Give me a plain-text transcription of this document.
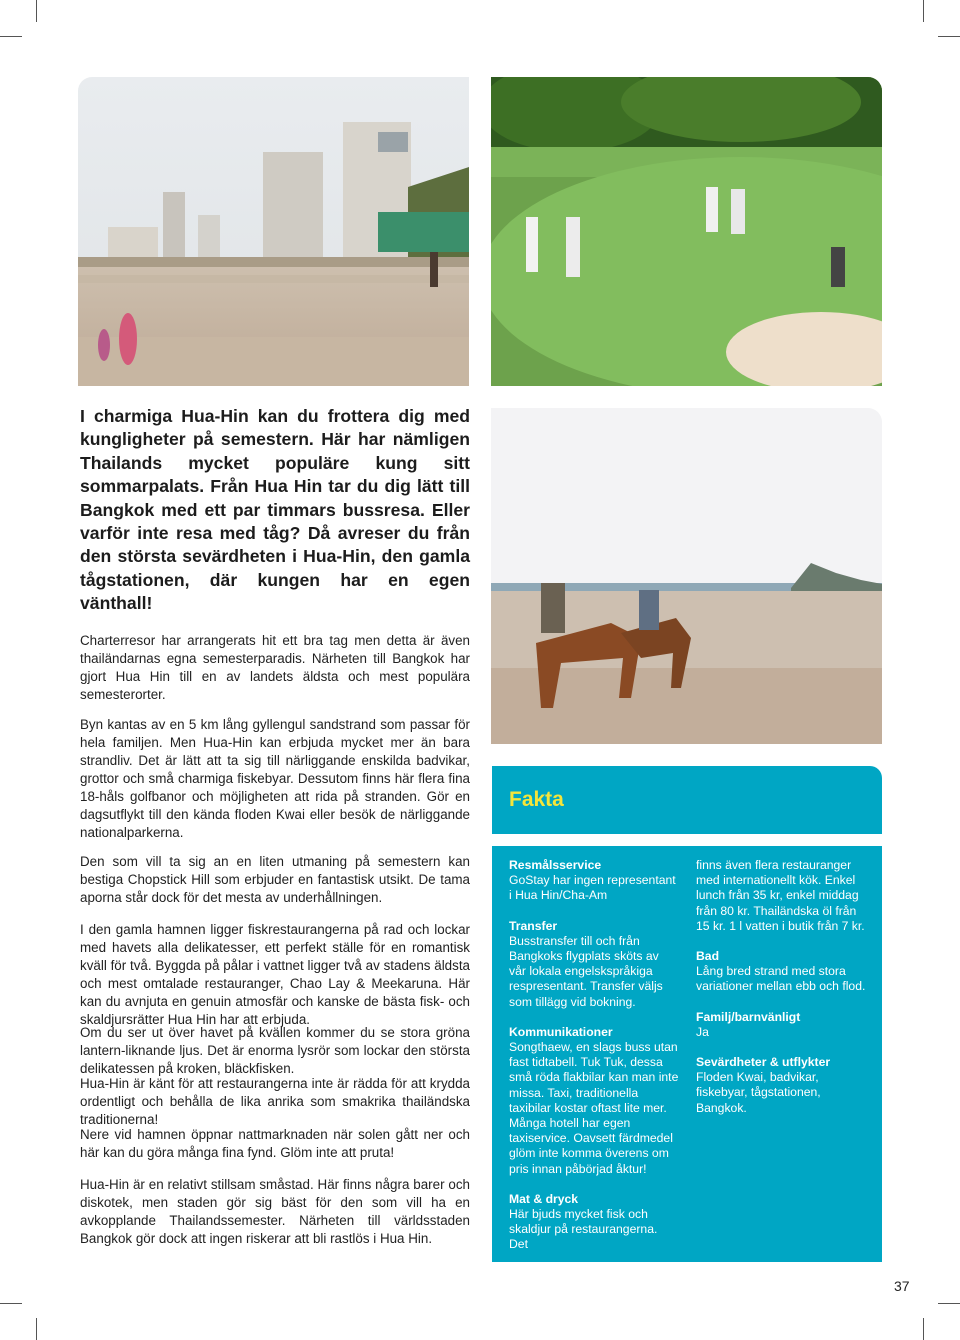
I charmiga Hua-Hin kan du frottera dig med kungligheter på semestern. Här har nämligen Thailands mycket populäre kung sitt sommarpalats. Från Hua Hin tar du dig lätt till Bangkok med ett par timmars bussresa. Eller varför inte resa med tåg? Då avreser du från den största sevärdheten i Hua-Hin, den gamla tågstationen, där kungen har en egen vänthall!

Charterresor har arrangerats hit ett bra tag men detta är även thailändarnas egna semesterparadis. Närheten till Bangkok har gjort Hua Hin till en av landets äldsta och mest populära semesterorter.

Byn kantas av en 5 km lång gyllengul sandstrand som passar för hela familjen. Men Hua-Hin kan erbjuda mycket mer än bara strandliv. Det är lätt att ta sig till närliggande enskilda badvikar, grottor och små charmiga fiskebyar. Dessutom finns här flera fina 18-håls golfbanor och möjligheten att rida på stranden. Gör en dagsutflykt till den kända floden Kwai eller besök de närliggande nationalparkerna.

Den som vill ta sig an en liten utmaning på semestern kan bestiga Chopstick Hill som erbjuder en fantastisk utsikt. De tama aporna står dock för det mesta av underhållningen.

I den gamla hamnen ligger fiskrestaurangerna på rad och lockar med havets alla delikatesser, ett perfekt ställe för en romantisk kväll för två. Byggda på pålar i vattnet ligger två av stadens äldsta och mest omtalade restauranger, Chao Lay & Meekaruna. Här kan du avnjuta en genuin atmosfär och kanske de bästa fisk- och skaldjursrätter Hua Hin har att erbjuda.

Om du ser ut över havet på kvällen kommer du se stora gröna lantern-liknande ljus. Det är enorma lysrör som lockar den största delikatessen på kroken, bläckfisken.

Hua-Hin är känt för att restaurangerna inte är rädda för att krydda ordentligt och behålla de lika anrika som smakrika thailändska traditionerna!

Nere vid hamnen öppnar nattmarknaden när solen gått ner och här kan du göra många fina fynd. Glöm inte att pruta!

Hua-Hin är en relativt stillsam småstad. Här finns några barer och diskotek, men staden gör sig bäst för den som vill ha en avkopplande Thailandssemester. Närheten till världsstaden Bangkok gör dock att ingen riskerar att bli rastlös i Hua Hin.

Fakta
Resmålsservice

GoStay har ingen representant i Hua Hin/Cha-Am

Transfer

Busstransfer till och från Bangkoks flygplats sköts av vår lokala engelskspråkiga respresentant. Transfer väljs som tillägg vid bokning.

Kommunikationer

Songthaew, en slags buss utan fast tidtabell. Tuk Tuk, dessa små röda flakbilar kan man inte missa. Taxi, traditionella taxibilar kostar oftast lite mer. Många hotell har egen taxiservice. Oavsett färdmedel glöm inte komma överens om pris innan påbörjad åktur!

Mat & dryck

Här bjuds mycket fisk och skaldjur på restaurangerna. Det

finns även flera restauranger med internationellt kök. Enkel lunch från 35 kr, enkel middag från 80 kr. Thailändska öl från 15 kr. 1 l vatten i butik från 7 kr.

Bad

Lång bred strand med stora variationer mellan ebb och flod.

Familj/barnvänligt

Ja

Sevärdheter & utflykter

Floden Kwai, badvikar, fiskebyar, tågstationen, Bangkok.

37
